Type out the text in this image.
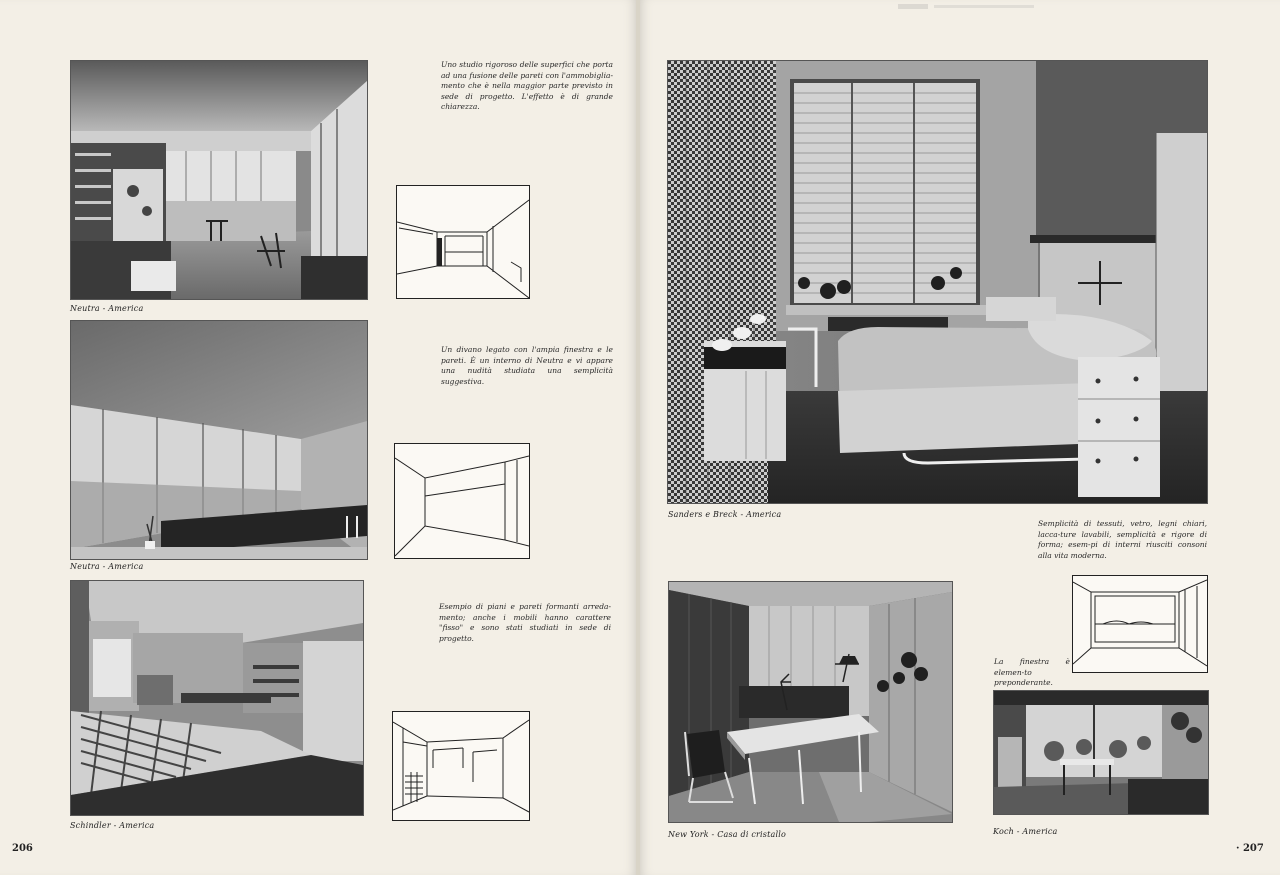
Neutra - America
Uno studio rigoroso delle superfici che porta ad una fusione delle pareti con l'ammobiglia-mento che è nella maggior parte previsto in sede di progetto. L'effetto è di grande chiarezza.
Neutra - America
Un divano legato con l'ampia finestra e le pareti. È un interno di Neutra e vi appare una nudità studiata una semplicità suggestiva.
Schindler - America
Esempio di piani e pareti formanti arreda-mento; anche i mobili hanno carattere "fisso" e sono stati studiati in sede di progetto.
206
Sanders e Breck - America
Semplicità di tessuti, vetro, legni chiari, lacca-ture lavabili, semplicità e rigore di forma; esem-pi di interni riusciti consoni alla vita moderna.
New York - Casa di cristallo
La finestra è elemen-to preponderante.
Koch - America
· 207
